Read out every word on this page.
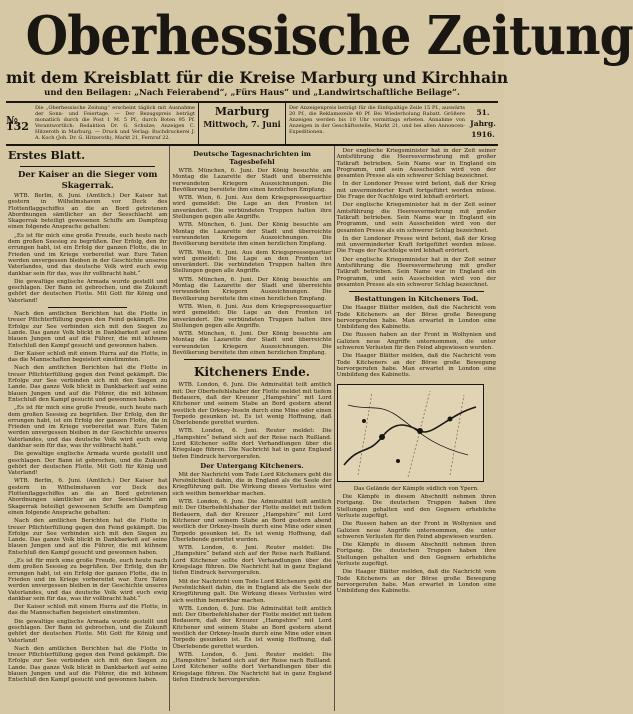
Oberhessische Zeitung
mit dem Kreisblatt für die Kreise Marburg und Kirchhain
und den Beilagen: „Nach Feierabend“, „Fürs Haus“ und „Landwirtschaftliche Beilage“.
№ 132
Die „Oberhessische Zeitung“ erscheint täglich mit Ausnahme der Sonn- und Feiertage. — Der Bezugspreis beträgt monatlich durch die Post 1 M. 5 Pf., durch Boten 95 Pf. Verantwortlich: Redaktion Dr. G. Schulze; Anzeigen C. Hitzeroth in Marburg. — Druck und Verlag: Buchdruckerei J. A. Koch (Joh. Dr. G. Hitzeroth), Markt 21, Fernruf 22.
Marburg
Mittwoch, 7. Juni
Der Anzeigenpreis beträgt für die fünfspaltige Zeile 15 Pf., auswärts 20 Pf., die Reklamezeile 40 Pf. Bei Wiederholung Rabatt. Größere Anzeigen werden bis 10 Uhr vormittags erbeten. Annahme von Anzeigen in der Geschäftsstelle, Markt 21, und bei allen Annoncen-Expeditionen.
51. Jahrg.
1916.
Erstes Blatt.
Der Kaiser an die Sieger vom Skagerrak.

WTB. Berlin, 6. Juni. (Amtlich.) Der Kaiser hat gestern in Wilhelmshaven vor Deck des Flottenflaggschiffes an die an Bord getretenen Abordnungen sämtlicher an der Seeschlacht am Skagerrak beteiligt gewesenen Schiffe am Dampfzug einen folgende Ansprache gehalten:

„Es ist für mich eine große Freude, euch heute nach dem großen Seesieg zu begrüßen. Der Erfolg, den ihr errungen habt, ist ein Erfolg der ganzen Flotte, die in Frieden und im Kriege vorbereitet war. Eure Taten werden unvergessen bleiben in der Geschichte unseres Vaterlandes, und das deutsche Volk wird euch ewig dankbar sein für das, was ihr vollbracht habt.“

Die gewaltige englische Armada wurde gestellt und geschlagen. Der Bann ist gebrochen, und die Zukunft gehört der deutschen Flotte. Mit Gott für König und Vaterland!

Nach den amtlichen Berichten hat die Flotte in treuer Pflichterfüllung gegen den Feind gekämpft. Die Erfolge zur See verbinden sich mit den Siegen zu Lande. Das ganze Volk blickt in Dankbarkeit auf seine blauen Jungen und auf die Führer, die mit kühnem Entschluß den Kampf gesucht und gewonnen haben.

Der Kaiser schloß mit einem Hurra auf die Flotte, in das die Mannschaften begeistert einstimmten.

Nach den amtlichen Berichten hat die Flotte in treuer Pflichterfüllung gegen den Feind gekämpft. Die Erfolge zur See verbinden sich mit den Siegen zu Lande. Das ganze Volk blickt in Dankbarkeit auf seine blauen Jungen und auf die Führer, die mit kühnem Entschluß den Kampf gesucht und gewonnen haben.

„Es ist für mich eine große Freude, euch heute nach dem großen Seesieg zu begrüßen. Der Erfolg, den ihr errungen habt, ist ein Erfolg der ganzen Flotte, die in Frieden und im Kriege vorbereitet war. Eure Taten werden unvergessen bleiben in der Geschichte unseres Vaterlandes, und das deutsche Volk wird euch ewig dankbar sein für das, was ihr vollbracht habt.“

Die gewaltige englische Armada wurde gestellt und geschlagen. Der Bann ist gebrochen, und die Zukunft gehört der deutschen Flotte. Mit Gott für König und Vaterland!

WTB. Berlin, 6. Juni. (Amtlich.) Der Kaiser hat gestern in Wilhelmshaven vor Deck des Flottenflaggschiffes an die an Bord getretenen Abordnungen sämtlicher an der Seeschlacht am Skagerrak beteiligt gewesenen Schiffe am Dampfzug einen folgende Ansprache gehalten:

Nach den amtlichen Berichten hat die Flotte in treuer Pflichterfüllung gegen den Feind gekämpft. Die Erfolge zur See verbinden sich mit den Siegen zu Lande. Das ganze Volk blickt in Dankbarkeit auf seine blauen Jungen und auf die Führer, die mit kühnem Entschluß den Kampf gesucht und gewonnen haben.

„Es ist für mich eine große Freude, euch heute nach dem großen Seesieg zu begrüßen. Der Erfolg, den ihr errungen habt, ist ein Erfolg der ganzen Flotte, die in Frieden und im Kriege vorbereitet war. Eure Taten werden unvergessen bleiben in der Geschichte unseres Vaterlandes, und das deutsche Volk wird euch ewig dankbar sein für das, was ihr vollbracht habt.“

Der Kaiser schloß mit einem Hurra auf die Flotte, in das die Mannschaften begeistert einstimmten.

Die gewaltige englische Armada wurde gestellt und geschlagen. Der Bann ist gebrochen, und die Zukunft gehört der deutschen Flotte. Mit Gott für König und Vaterland!

Nach den amtlichen Berichten hat die Flotte in treuer Pflichterfüllung gegen den Feind gekämpft. Die Erfolge zur See verbinden sich mit den Siegen zu Lande. Das ganze Volk blickt in Dankbarkeit auf seine blauen Jungen und auf die Führer, die mit kühnem Entschluß den Kampf gesucht und gewonnen haben.

Deutsche Tagesnachrichten im Tagesbefehl

WTB. München, 6. Juni. Der König besuchte am Montag die Lazarette der Stadt und überreichte verwundeten Kriegern Auszeichnungen. Die Bevölkerung bereitete ihm einen herzlichen Empfang.

WTB. Wien, 6. Juni. Aus dem Kriegspressequartier wird gemeldet: Die Lage an den Fronten ist unverändert. Die verbündeten Truppen halten ihre Stellungen gegen alle Angriffe.

WTB. München, 6. Juni. Der König besuchte am Montag die Lazarette der Stadt und überreichte verwundeten Kriegern Auszeichnungen. Die Bevölkerung bereitete ihm einen herzlichen Empfang.

WTB. Wien, 6. Juni. Aus dem Kriegspressequartier wird gemeldet: Die Lage an den Fronten ist unverändert. Die verbündeten Truppen halten ihre Stellungen gegen alle Angriffe.

WTB. München, 6. Juni. Der König besuchte am Montag die Lazarette der Stadt und überreichte verwundeten Kriegern Auszeichnungen. Die Bevölkerung bereitete ihm einen herzlichen Empfang.

WTB. Wien, 6. Juni. Aus dem Kriegspressequartier wird gemeldet: Die Lage an den Fronten ist unverändert. Die verbündeten Truppen halten ihre Stellungen gegen alle Angriffe.

WTB. München, 6. Juni. Der König besuchte am Montag die Lazarette der Stadt und überreichte verwundeten Kriegern Auszeichnungen. Die Bevölkerung bereitete ihm einen herzlichen Empfang.

Kitcheners Ende.

WTB. London, 6. Juni. Die Admiralität teilt amtlich mit: Der Oberbefehlshaber der Flotte meldet mit tiefem Bedauern, daß der Kreuzer „Hampshire“ mit Lord Kitchener und seinem Stabe an Bord gestern abend westlich der Orkney-Inseln durch eine Mine oder einen Torpedo gesunken ist. Es ist wenig Hoffnung, daß Überlebende gerettet wurden.

WTB. London, 6. Juni. Reuter meldet: Die „Hampshire“ befand sich auf der Reise nach Rußland. Lord Kitchener sollte dort Verhandlungen über die Kriegslage führen. Die Nachricht hat in ganz England tiefen Eindruck hervorgerufen.

Der Untergang Kitcheners.

Mit der Nachricht vom Tode Lord Kitcheners geht die Persönlichkeit dahin, die in England als die Seele der Kriegführung galt. Die Wirkung dieses Verlustes wird sich weithin bemerkbar machen.

WTB. London, 6. Juni. Die Admiralität teilt amtlich mit: Der Oberbefehlshaber der Flotte meldet mit tiefem Bedauern, daß der Kreuzer „Hampshire“ mit Lord Kitchener und seinem Stabe an Bord gestern abend westlich der Orkney-Inseln durch eine Mine oder einen Torpedo gesunken ist. Es ist wenig Hoffnung, daß Überlebende gerettet wurden.

WTB. London, 6. Juni. Reuter meldet: Die „Hampshire“ befand sich auf der Reise nach Rußland. Lord Kitchener sollte dort Verhandlungen über die Kriegslage führen. Die Nachricht hat in ganz England tiefen Eindruck hervorgerufen.

Mit der Nachricht vom Tode Lord Kitcheners geht die Persönlichkeit dahin, die in England als die Seele der Kriegführung galt. Die Wirkung dieses Verlustes wird sich weithin bemerkbar machen.

WTB. London, 6. Juni. Die Admiralität teilt amtlich mit: Der Oberbefehlshaber der Flotte meldet mit tiefem Bedauern, daß der Kreuzer „Hampshire“ mit Lord Kitchener und seinem Stabe an Bord gestern abend westlich der Orkney-Inseln durch eine Mine oder einen Torpedo gesunken ist. Es ist wenig Hoffnung, daß Überlebende gerettet wurden.

WTB. London, 6. Juni. Reuter meldet: Die „Hampshire“ befand sich auf der Reise nach Rußland. Lord Kitchener sollte dort Verhandlungen über die Kriegslage führen. Die Nachricht hat in ganz England tiefen Eindruck hervorgerufen.

Der englische Kriegsminister hat in der Zeit seiner Amtsführung die Heeresvermehrung mit großer Tatkraft betrieben. Sein Name war in England ein Programm, und sein Ausscheiden wird von der gesamten Presse als ein schwerer Schlag bezeichnet.

In der Londoner Presse wird betont, daß der Krieg mit unverminderter Kraft fortgeführt werden müsse. Die Frage der Nachfolge wird lebhaft erörtert.

Der englische Kriegsminister hat in der Zeit seiner Amtsführung die Heeresvermehrung mit großer Tatkraft betrieben. Sein Name war in England ein Programm, und sein Ausscheiden wird von der gesamten Presse als ein schwerer Schlag bezeichnet.

In der Londoner Presse wird betont, daß der Krieg mit unverminderter Kraft fortgeführt werden müsse. Die Frage der Nachfolge wird lebhaft erörtert.

Der englische Kriegsminister hat in der Zeit seiner Amtsführung die Heeresvermehrung mit großer Tatkraft betrieben. Sein Name war in England ein Programm, und sein Ausscheiden wird von der gesamten Presse als ein schwerer Schlag bezeichnet.

Bestattungen in Kitcheners Tod.

Die Haager Blätter melden, daß die Nachricht vom Tode Kitcheners an der Börse große Bewegung hervorgerufen habe. Man erwartet in London eine Umbildung des Kabinetts.

Die Russen haben an der Front in Wolhynien und Galizien neue Angriffe unternommen, die unter schweren Verlusten für den Feind abgewiesen wurden.

Die Haager Blätter melden, daß die Nachricht vom Tode Kitcheners an der Börse große Bewegung hervorgerufen habe. Man erwartet in London eine Umbildung des Kabinetts.

Das Gelände der Kämpfe südlich von Ypern.

Die Kämpfe in diesem Abschnitt nehmen ihren Fortgang. Die deutschen Truppen haben ihre Stellungen gehalten und den Gegnern erhebliche Verluste zugefügt.

Die Russen haben an der Front in Wolhynien und Galizien neue Angriffe unternommen, die unter schweren Verlusten für den Feind abgewiesen wurden.

Die Kämpfe in diesem Abschnitt nehmen ihren Fortgang. Die deutschen Truppen haben ihre Stellungen gehalten und den Gegnern erhebliche Verluste zugefügt.

Die Haager Blätter melden, daß die Nachricht vom Tode Kitcheners an der Börse große Bewegung hervorgerufen habe. Man erwartet in London eine Umbildung des Kabinetts.
